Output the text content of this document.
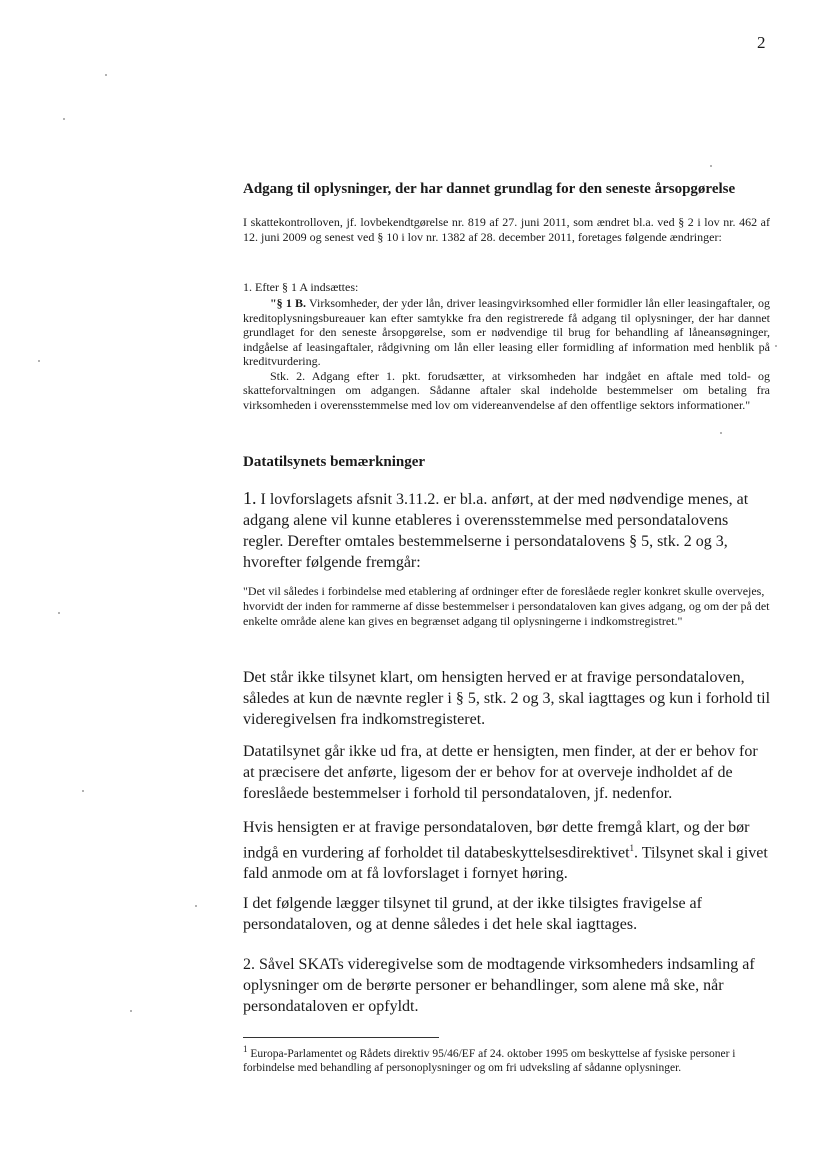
2
Adgang til oplysninger, der har dannet grundlag for den seneste årsopgørelse
I skattekontrolloven, jf. lovbekendtgørelse nr. 819 af 27. juni 2011, som ændret bl.a. ved § 2 i lov nr. 462 af 12. juni 2009 og senest ved § 10 i lov nr. 1382 af 28. december 2011, foretages følgende ændringer:
1. Efter § 1 A indsættes:

"§ 1 B. Virksomheder, der yder lån, driver leasingvirksomhed eller formidler lån eller leasingaftaler, og kreditoplysningsbureauer kan efter samtykke fra den registrerede få adgang til oplysninger, der har dannet grundlaget for den seneste årsopgørelse, som er nødvendige til brug for behandling af låneansøgninger, indgåelse af leasingaftaler, rådgivning om lån eller leasing eller formidling af information med henblik på kreditvurdering.

Stk. 2. Adgang efter 1. pkt. forudsætter, at virksomheden har indgået en aftale med told- og skatteforvaltningen om adgangen. Sådanne aftaler skal indeholde bestemmelser om betaling fra virksomheden i overensstemmelse med lov om videreanvendelse af den offentlige sektors informationer."

Datatilsynets bemærkninger
1. I lovforslagets afsnit 3.11.2. er bl.a. anført, at der med nødvendige menes, at adgang alene vil kunne etableres i overensstemmelse med persondatalovens regler. Derefter omtales bestemmelserne i persondatalovens § 5, stk. 2 og 3, hvorefter følgende fremgår:
"Det vil således i forbindelse med etablering af ordninger efter de foreslåede regler konkret skulle overvejes, hvorvidt der inden for rammerne af disse bestemmelser i persondataloven kan gives adgang, og om der på det enkelte område alene kan gives en begrænset adgang til oplysningerne i indkomstregistret."
Det står ikke tilsynet klart, om hensigten herved er at fravige persondataloven, således at kun de nævnte regler i § 5, stk. 2 og 3, skal iagttages og kun i forhold til videregivelsen fra indkomstregisteret.
Datatilsynet går ikke ud fra, at dette er hensigten, men finder, at der er behov for at præcisere det anførte, ligesom der er behov for at overveje indholdet af de foreslåede bestemmelser i forhold til persondataloven, jf. nedenfor.
Hvis hensigten er at fravige persondataloven, bør dette fremgå klart, og der bør indgå en vurdering af forholdet til databeskyttelsesdirektivet$^1$. Tilsynet skal i givet fald anmode om at få lovforslaget i fornyet høring.
I det følgende lægger tilsynet til grund, at der ikke tilsigtes fravigelse af persondataloven, og at denne således i det hele skal iagttages.
2. Såvel SKATs videregivelse som de modtagende virksomheders indsamling af oplysninger om de berørte personer er behandlinger, som alene må ske, når persondataloven er opfyldt.
$^1$ Europa-Parlamentet og Rådets direktiv 95/46/EF af 24. oktober 1995 om beskyttelse af fysiske personer i forbindelse med behandling af personoplysninger og om fri udveksling af sådanne oplysninger.
